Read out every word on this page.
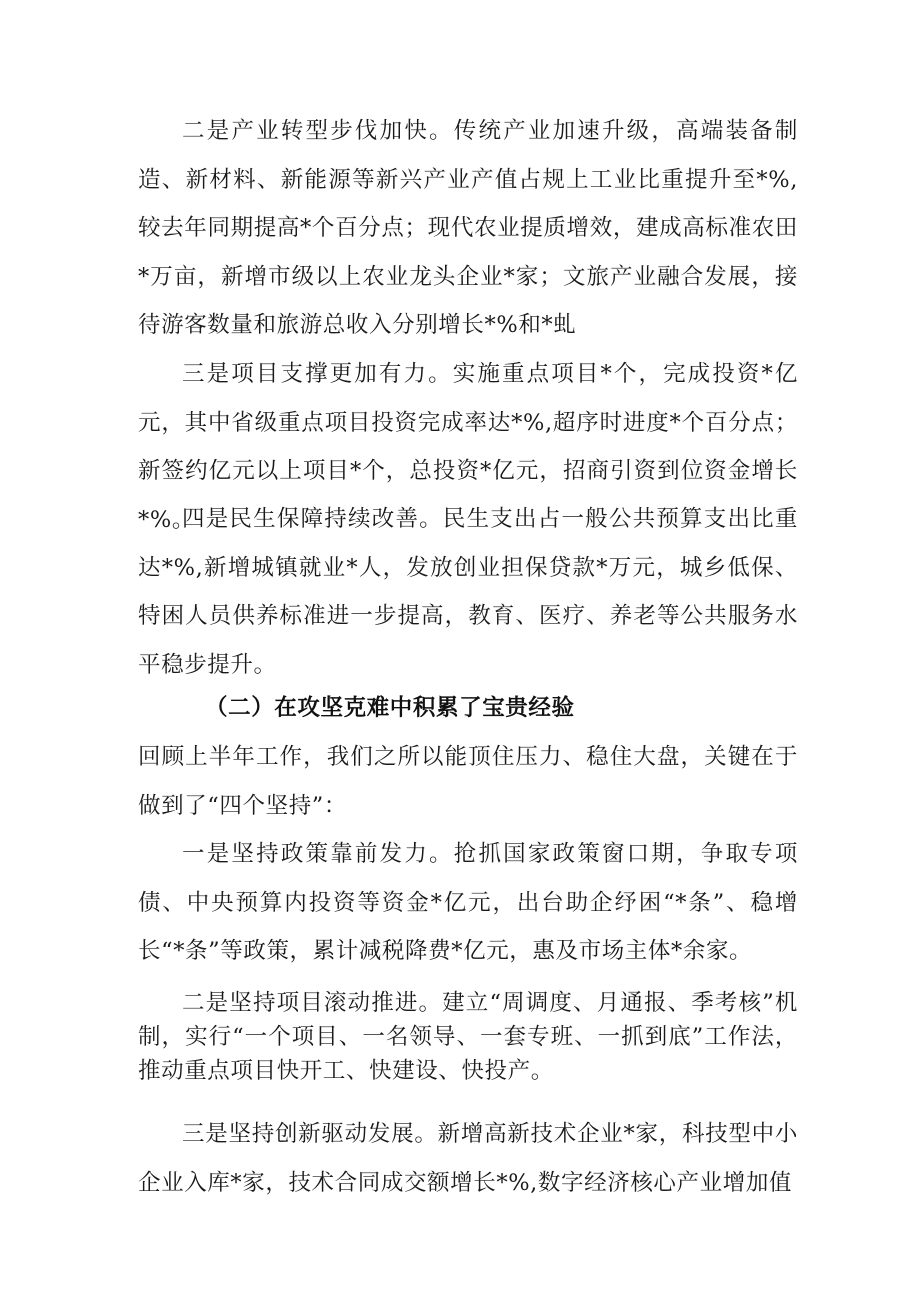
二是产业转型步伐加快。传统产业加速升级，高端装备制造、新材料、新能源等新兴产业产值占规上工业比重提升至*%,较去年同期提高*个百分点；现代农业提质增效，建成高标准农田*万亩，新增市级以上农业龙头企业*家；文旅产业融合发展，接待游客数量和旅游总收入分别增长*%和*虬

三是项目支撑更加有力。实施重点项目*个，完成投资*亿元，其中省级重点项目投资完成率达*%,超序时进度*个百分点；新签约亿元以上项目*个，总投资*亿元，招商引资到位资金增长*%。

四是民生保障持续改善。民生支出占一般公共预算支出比重达*%,新增城镇就业*人，发放创业担保贷款*万元，城乡低保、特困人员供养标准进一步提高，教育、医疗、养老等公共服务水平稳步提升。

（二）在攻坚克难中积累了宝贵经验

回顾上半年工作，我们之所以能顶住压力、稳住大盘，关键在于做到了“四个坚持”：

一是坚持政策靠前发力。抢抓国家政策窗口期，争取专项债、中央预算内投资等资金*亿元，出台助企纾困“*条”、稳增长“*条”等政策，累计减税降费*亿元，惠及市场主体*余家。

二是坚持项目滚动推进。建立“周调度、月通报、季考核”机制，实行“一个项目、一名领导、一套专班、一抓到底”工作法，推动重点项目快开工、快建设、快投产。

三是坚持创新驱动发展。新增高新技术企业*家，科技型中小企业入库*家，技术合同成交额增长*%,数字经济核心产业增加值
